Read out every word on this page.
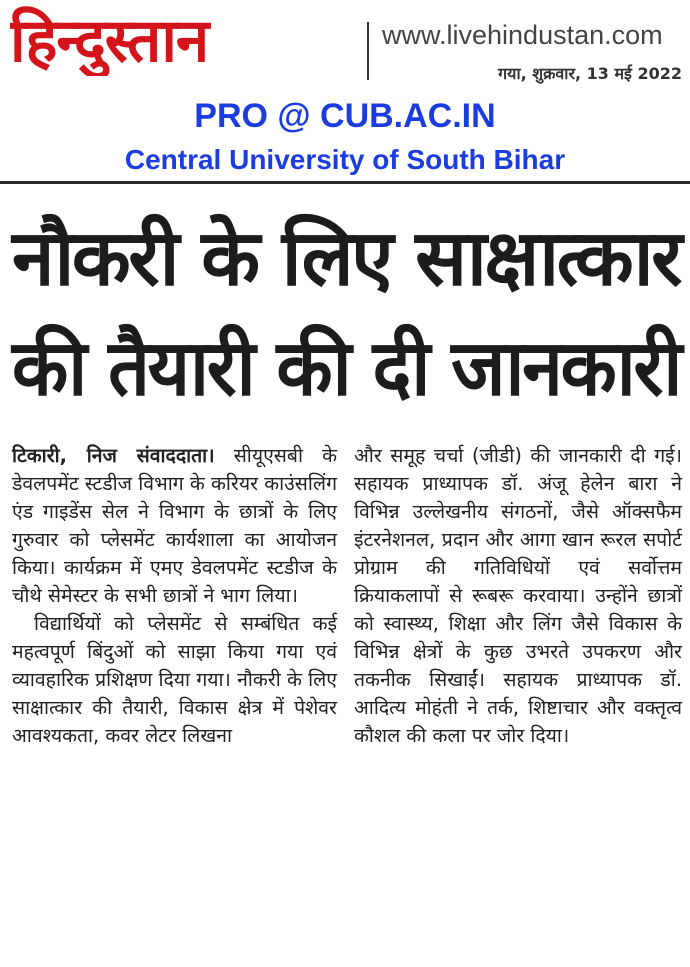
हिन्दुस्तान	www.livehindustan.com
गया, शुक्रवार, 13 मई 2022
PRO @ CUB.AC.IN
Central University of South Bihar
नौकरी के लिए साक्षात्कार
की तैयारी की दी जानकारी

टिकारी, निज संवाददाता। सीयूएसबी के डेवलपमेंट स्टडीज विभाग के करियर काउंसलिंग एंड गाइडेंस सेल ने विभाग के छात्रों के लिए गुरुवार को प्लेसमेंट कार्यशाला का आयोजन किया। कार्यक्रम में एमए डेवलपमेंट स्टडीज के चौथे सेमेस्टर के सभी छात्रों ने भाग लिया।

विद्यार्थियों को प्लेसमेंट से सम्बंधित कई महत्वपूर्ण बिंदुओं को साझा किया गया एवं व्यावहारिक प्रशिक्षण दिया गया। नौकरी के लिए साक्षात्कार की तैयारी, विकास क्षेत्र में पेशेवर आवश्यकता, कवर लेटर लिखना

और समूह चर्चा (जीडी) की जानकारी दी गई। सहायक प्राध्यापक डॉ. अंजू हेलेन बारा ने विभिन्न उल्लेखनीय संगठनों, जैसे ऑक्सफैम इंटरनेशनल, प्रदान और आगा खान रूरल सपोर्ट प्रोग्राम की गतिविधियों एवं सर्वोत्तम क्रियाकलापों से रूबरू करवाया। उन्होंने छात्रों को स्वास्थ्य, शिक्षा और लिंग जैसे विकास के विभिन्न क्षेत्रों के कुछ उभरते उपकरण और तकनीक सिखाईं। सहायक प्राध्यापक डॉ. आदित्य मोहंती ने तर्क, शिष्टाचार और वक्तृत्व कौशल की कला पर जोर दिया।
